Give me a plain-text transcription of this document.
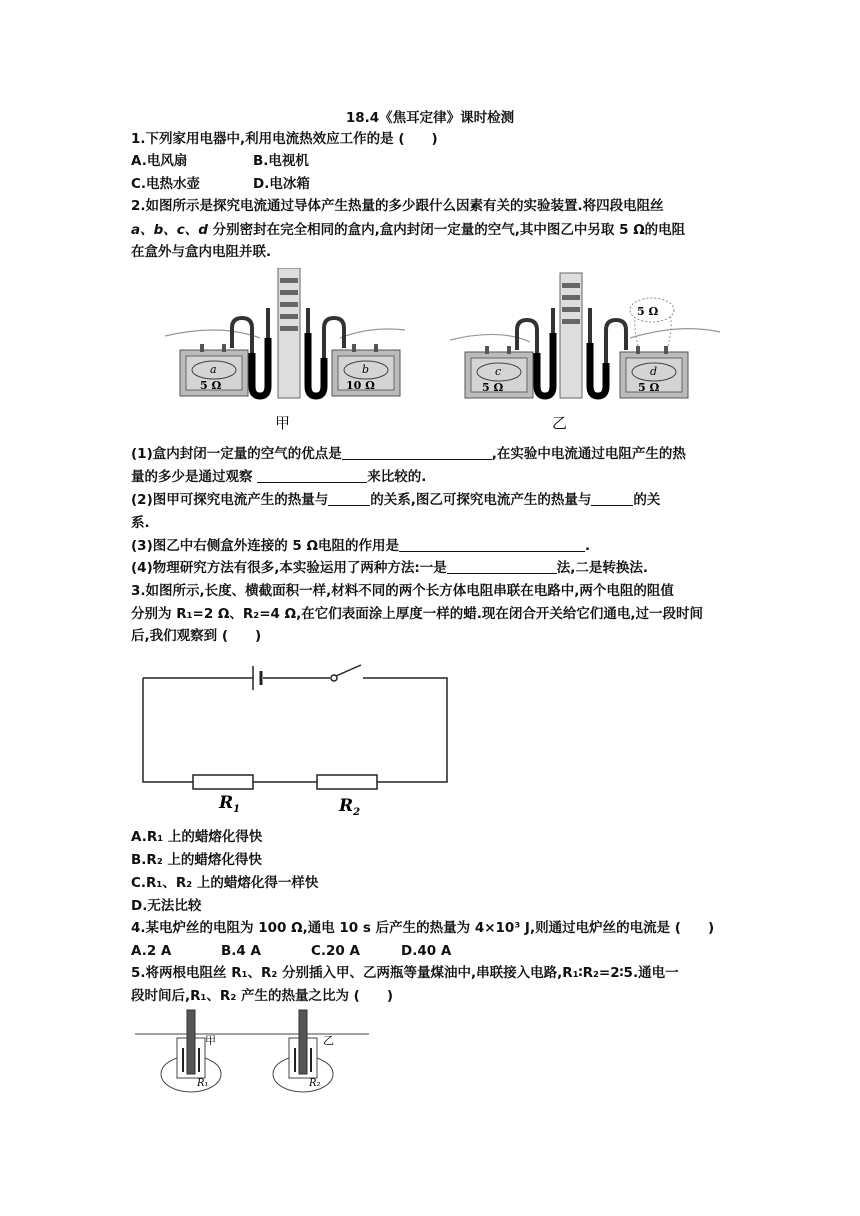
18.4《焦耳定律》课时检测
1.下列家用电器中,利用电流热效应工作的是 (　　)
A.电风扇	B.电视机
C.电热水壶	D.电冰箱
2.如图所示是探究电流通过导体产生热量的多少跟什么因素有关的实验装置.将四段电阻丝
a、b、c、d 分别密封在完全相同的盒内,盒内封闭一定量的空气,其中图乙中另取 5 Ω的电阻
在盒外与盒内电阻并联.
a
5 Ω
b
10 Ω
甲
c
5 Ω
d
5 Ω
5 Ω
乙
(1)盒内封闭一定量的空气的优点是	,在实验中电流通过电阻产生的热
量的多少是通过观察	来比较的.
(2)图甲可探究电流产生的热量与	的关系,图乙可探究电流产生的热量与	的关
系.
(3)图乙中右侧盒外连接的 5 Ω电阻的作用是	.
(4)物理研究方法有很多,本实验运用了两种方法:一是	法,二是转换法.
3.如图所示,长度、横截面积一样,材料不同的两个长方体电阻串联在电路中,两个电阻的阻值
分别为 R₁=2 Ω、R₂=4 Ω,在它们表面涂上厚度一样的蜡.现在闭合开关给它们通电,过一段时间
后,我们观察到 (　　)
$R_1$	$R_2$
A.R₁ 上的蜡熔化得快
B.R₂ 上的蜡熔化得快
C.R₁、R₂ 上的蜡熔化得一样快
D.无法比较
4.某电炉丝的电阻为 100 Ω,通电 10 s 后产生的热量为 4×10³ J,则通过电炉丝的电流是 (　　)
A.2 A	B.4 A	C.20 A	D.40 A
5.将两根电阻丝 R₁、R₂ 分别插入甲、乙两瓶等量煤油中,串联接入电路,R₁∶R₂=2∶5.通电一
段时间后,R₁、R₂ 产生的热量之比为 (　　)
甲
R₁
乙
R₂
